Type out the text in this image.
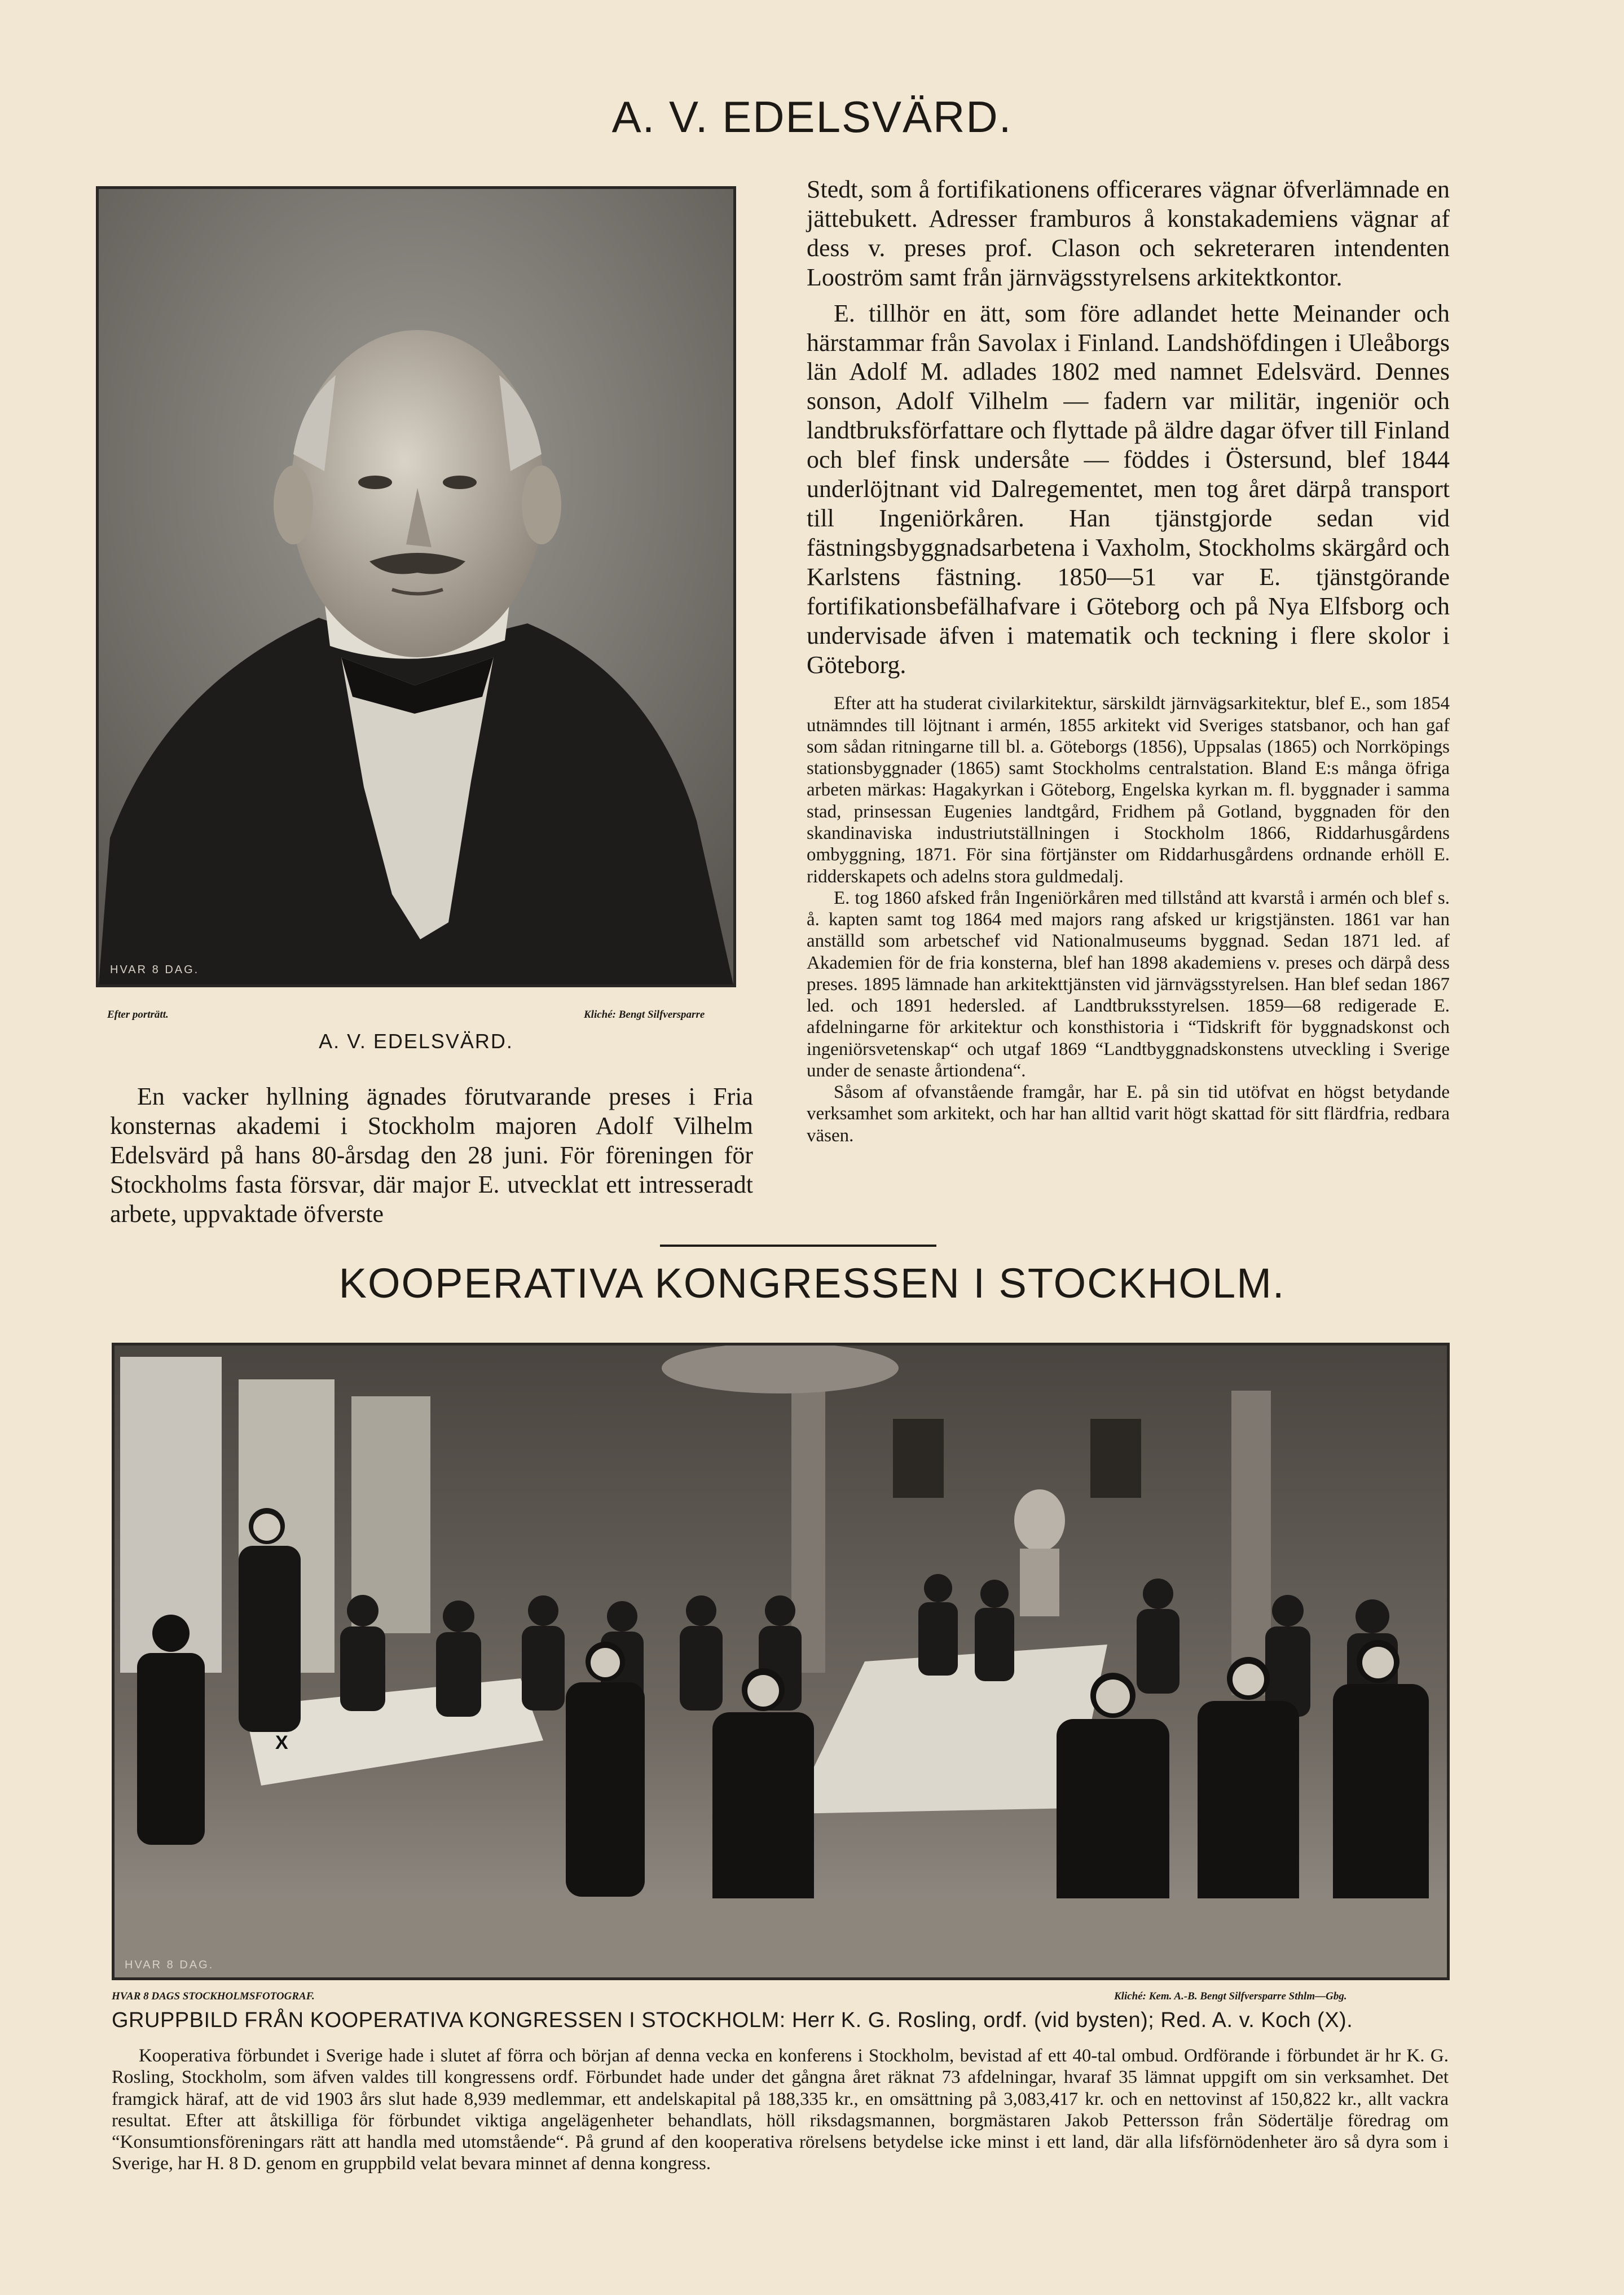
A. V. EDELSVÄRD.
HVAR 8 DAG.
Efter porträtt.	Kliché: Bengt Silfversparre
A. V. EDELSVÄRD.

En vacker hyllning ägnades förutvarande preses i Fria konsternas akademi i Stockholm majoren Adolf Vilhelm Edelsvärd på hans 80-årsdag den 28 juni. För föreningen för Stockholms fasta försvar, där major E. utvecklat ett intresseradt arbete, uppvaktade öfverste

Stedt, som å fortifikationens officerares vägnar öfverlämnade en jättebukett. Adresser framburos å konstakademiens vägnar af dess v. preses prof. Clason och sekreteraren intendenten Looström samt från järnvägsstyrelsens arkitektkontor.

E. tillhör en ätt, som före adlandet hette Meinander och härstammar från Savolax i Finland. Landshöfdingen i Uleåborgs län Adolf M. adlades 1802 med namnet Edelsvärd. Dennes sonson, Adolf Vilhelm — fadern var militär, ingeniör och landtbruksförfattare och flyttade på äldre dagar öfver till Finland och blef finsk undersåte — föddes i Östersund, blef 1844 underlöjtnant vid Dalregementet, men tog året därpå transport till Ingeniörkåren. Han tjänstgjorde sedan vid fästningsbyggnadsarbetena i Vaxholm, Stockholms skärgård och Karlstens fästning. 1850—51 var E. tjänstgörande fortifikationsbefälhafvare i Göteborg och på Nya Elfsborg och undervisade äfven i matematik och teckning i flere skolor i Göteborg.

Efter att ha studerat civilarkitektur, särskildt järnvägsarkitektur, blef E., som 1854 utnämndes till löjtnant i armén, 1855 arkitekt vid Sveriges statsbanor, och han gaf som sådan ritningarne till bl. a. Göteborgs (1856), Uppsalas (1865) och Norrköpings stationsbyggnader (1865) samt Stockholms centralstation. Bland E:s många öfriga arbeten märkas: Hagakyrkan i Göteborg, Engelska kyrkan m. fl. byggnader i samma stad, prinsessan Eugenies landtgård, Fridhem på Gotland, byggnaden för den skandinaviska industriutställningen i Stockholm 1866, Riddarhusgårdens ombyggning, 1871. För sina förtjänster om Riddarhusgårdens ordnande erhöll E. ridderskapets och adelns stora guldmedalj.

E. tog 1860 afsked från Ingeniörkåren med tillstånd att kvarstå i armén och blef s. å. kapten samt tog 1864 med majors rang afsked ur krigstjänsten. 1861 var han anställd som arbetschef vid Nationalmuseums byggnad. Sedan 1871 led. af Akademien för de fria konsterna, blef han 1898 akademiens v. preses och därpå dess preses. 1895 lämnade han arkitekttjänsten vid järnvägsstyrelsen. Han blef sedan 1867 led. och 1891 hedersled. af Landtbruksstyrelsen. 1859—68 redigerade E. afdelningarne för arkitektur och konsthistoria i “Tidskrift för byggnadskonst och ingeniörsvetenskap“ och utgaf 1869 “Landtbyggnadskonstens utveckling i Sverige under de senaste årtiondena“.

Såsom af ofvanstående framgår, har E. på sin tid utöfvat en högst betydande verksamhet som arkitekt, och har han alltid varit högt skattad för sitt flärdfria, redbara väsen.

KOOPERATIVA KONGRESSEN I STOCKHOLM.
X
HVAR 8 DAG.
HVAR 8 DAGS STOCKHOLMSFOTOGRAF.	Kliché: Kem. A.-B. Bengt Silfversparre Sthlm—Gbg.
GRUPPBILD FRÅN KOOPERATIVA KONGRESSEN I STOCKHOLM: Herr K. G. Rosling, ordf. (vid bysten); Red. A. v. Koch (X).

Kooperativa förbundet i Sverige hade i slutet af förra och början af denna vecka en konferens i Stockholm, bevistad af ett 40-tal ombud. Ordförande i förbundet är hr K. G. Rosling, Stockholm, som äfven valdes till kongressens ordf. Förbundet hade under det gångna året räknat 73 afdelningar, hvaraf 35 lämnat uppgift om sin verksamhet. Det framgick häraf, att de vid 1903 års slut hade 8,939 medlemmar, ett andelskapital på 188,335 kr., en omsättning på 3,083,417 kr. och en nettovinst af 150,822 kr., allt vackra resultat. Efter att åtskilliga för förbundet viktiga angelägenheter behandlats, höll riksdagsmannen, borgmästaren Jakob Pettersson från Södertälje föredrag om “Konsumtionsföreningars rätt att handla med utomstående“. På grund af den kooperativa rörelsens betydelse icke minst i ett land, där alla lifsförnödenheter äro så dyra som i Sverige, har H. 8 D. genom en gruppbild velat bevara minnet af denna kongress.
